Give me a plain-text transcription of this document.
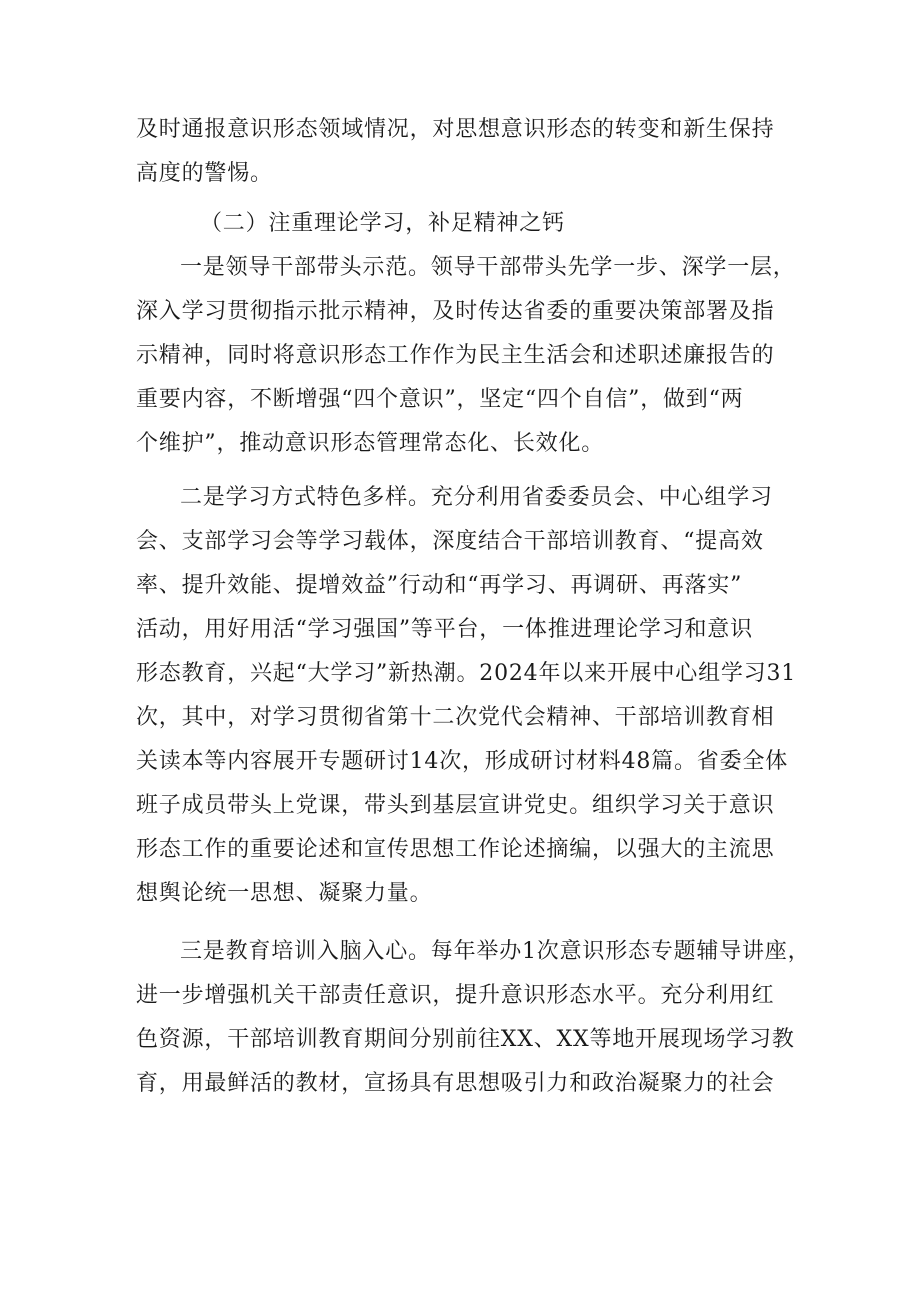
及时通报意识形态领域情况，对思想意识形态的转变和新生保持
高度的警惕。
（二）注重理论学习，补足精神之钙
一是领导干部带头示范。领导干部带头先学一步、深学一层，
深入学习贯彻指示批示精神，及时传达省委的重要决策部署及指
示精神，同时将意识形态工作作为民主生活会和述职述廉报告的
重要内容，不断增强“四个意识”，坚定“四个自信”，做到“两
个维护”，推动意识形态管理常态化、长效化。
二是学习方式特色多样。充分利用省委委员会、中心组学习
会、支部学习会等学习载体，深度结合干部培训教育、“提高效
率、提升效能、提增效益”行动和“再学习、再调研、再落实”
活动，用好用活“学习强国”等平台，一体推进理论学习和意识
形态教育，兴起“大学习”新热潮。2024年以来开展中心组学习31
次，其中，对学习贯彻省第十二次党代会精神、干部培训教育相
关读本等内容展开专题研讨14次，形成研讨材料48篇。省委全体
班子成员带头上党课，带头到基层宣讲党史。组织学习关于意识
形态工作的重要论述和宣传思想工作论述摘编，以强大的主流思
想舆论统一思想、凝聚力量。
三是教育培训入脑入心。每年举办1次意识形态专题辅导讲座，
进一步增强机关干部责任意识，提升意识形态水平。充分利用红
色资源，干部培训教育期间分别前往XX、XX等地开展现场学习教
育，用最鲜活的教材，宣扬具有思想吸引力和政治凝聚力的社会
